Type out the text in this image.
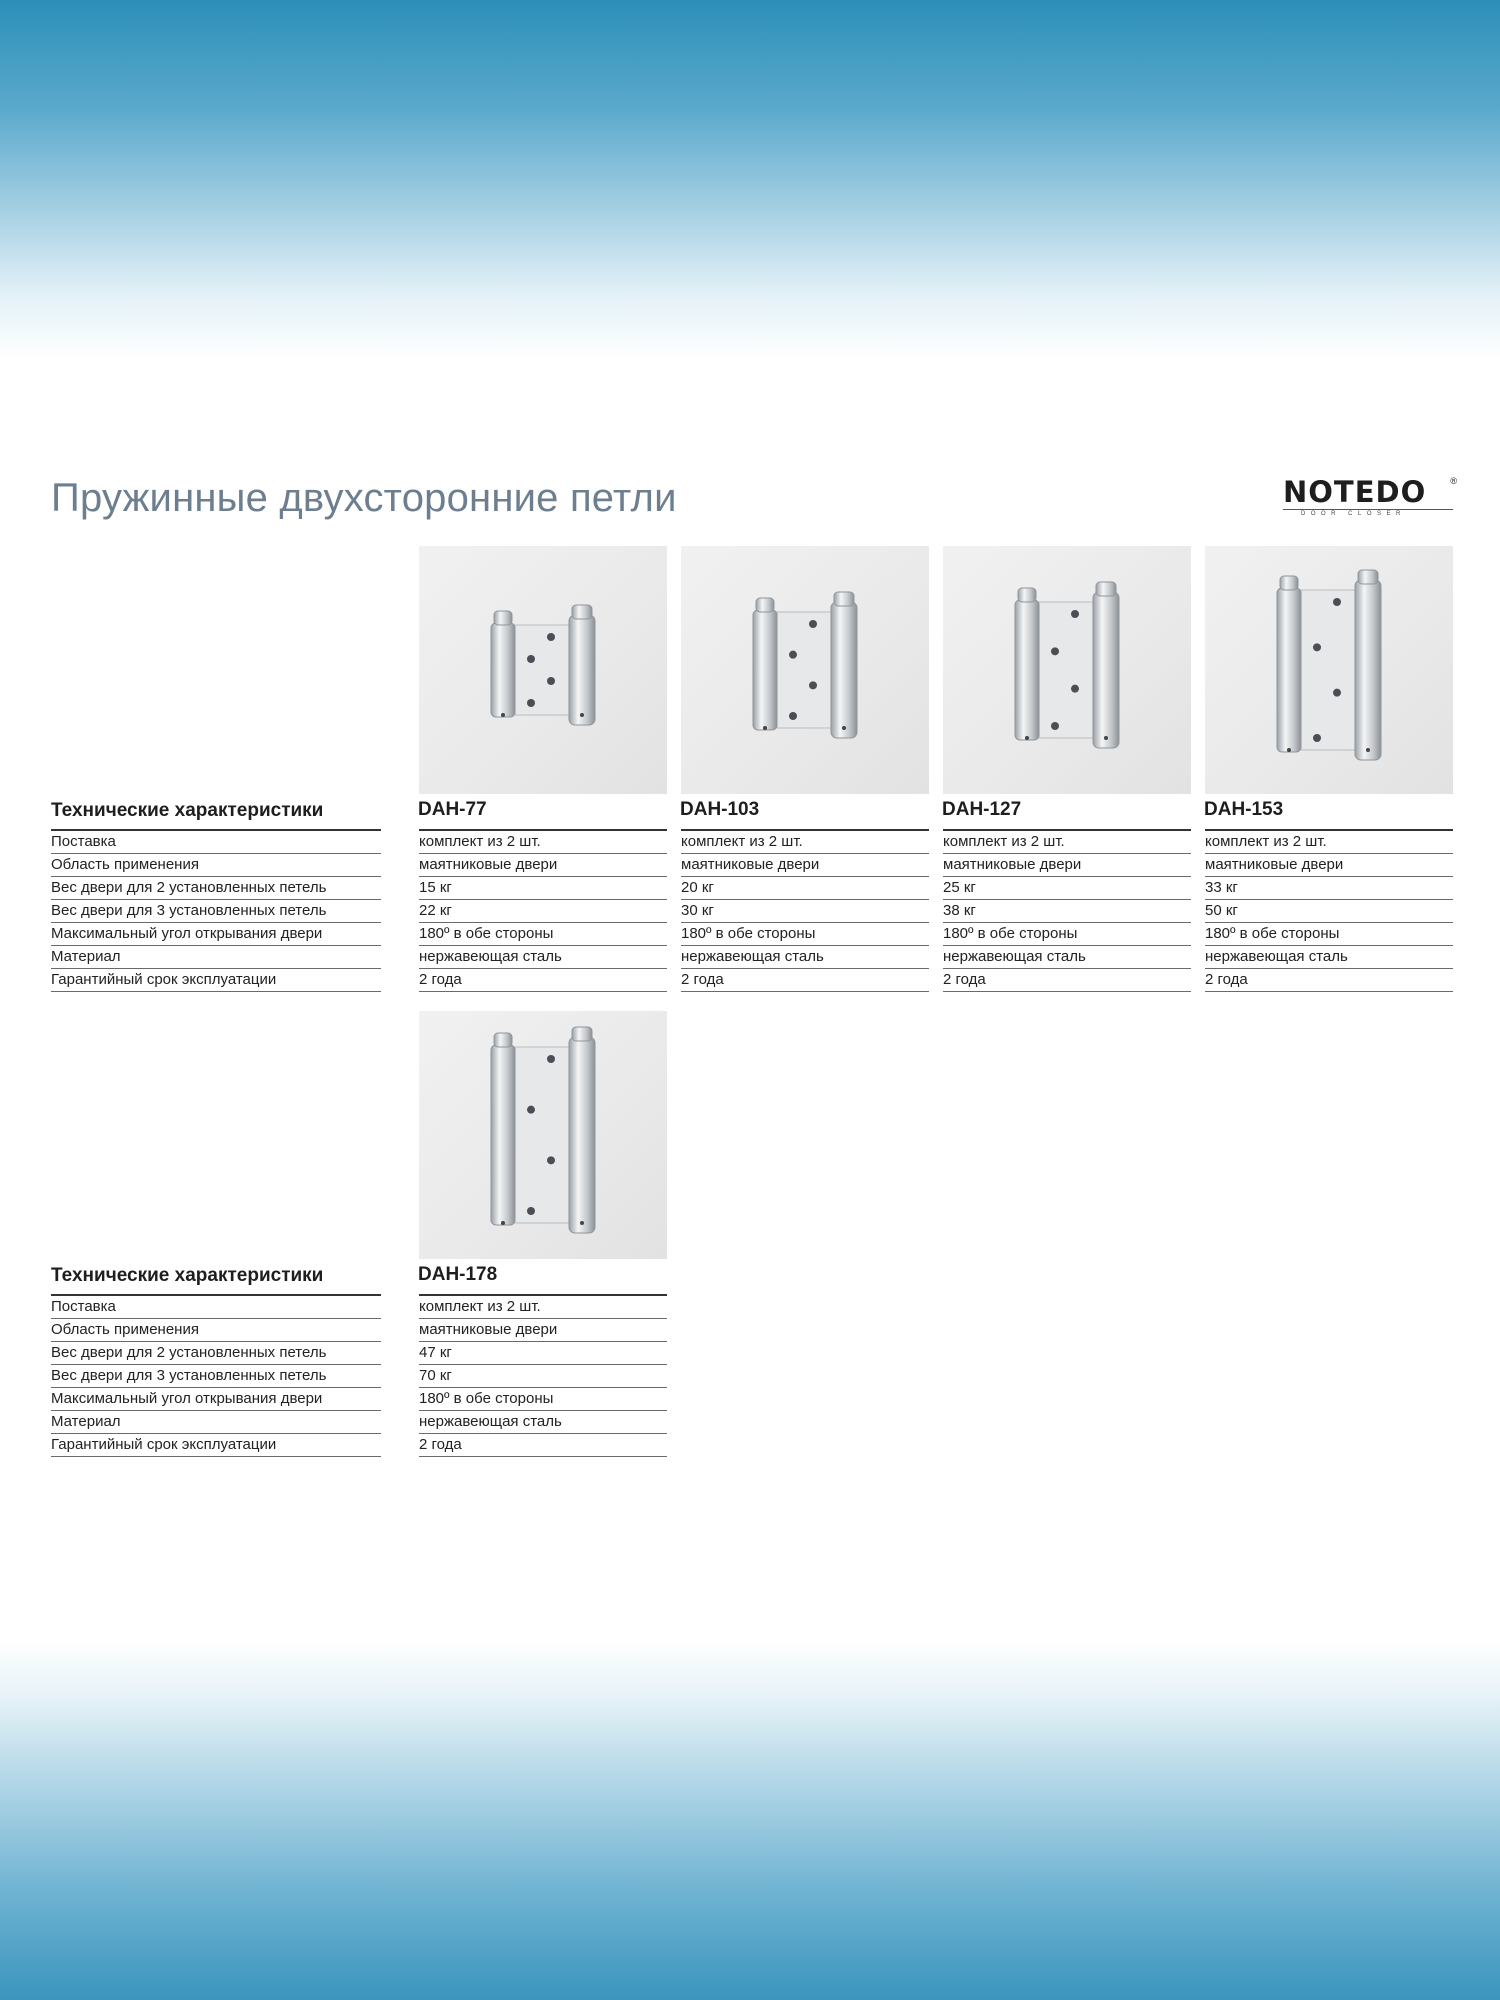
Пружинные двухсторонние петли	NOTEDO	®
DOOR CLOSER
Технические характеристики	DAH-77	DAH-103	DAH-127	DAH-153
Поставка	комплект из 2 шт.	комплект из 2 шт.	комплект из 2 шт.	комплект из 2 шт.
Область применения	маятниковые двери	маятниковые двери	маятниковые двери	маятниковые двери
Вес двери для 2 установленных петель	15 кг	20 кг	25 кг	33 кг
Вес двери для 3 установленных петель	22 кг	30 кг	38 кг	50 кг
Максимальный угол открывания двери	180º в обе стороны	180º в обе стороны	180º в обе стороны	180º в обе стороны
Материал	нержавеющая сталь	нержавеющая сталь	нержавеющая сталь	нержавеющая сталь
Гарантийный срок эксплуатации	2 года	2 года	2 года	2 года
Технические характеристики	DAH-178
Поставка	комплект из 2 шт.
Область применения	маятниковые двери
Вес двери для 2 установленных петель	47 кг
Вес двери для 3 установленных петель	70 кг
Максимальный угол открывания двери	180º в обе стороны
Материал	нержавеющая сталь
Гарантийный срок эксплуатации	2 года
